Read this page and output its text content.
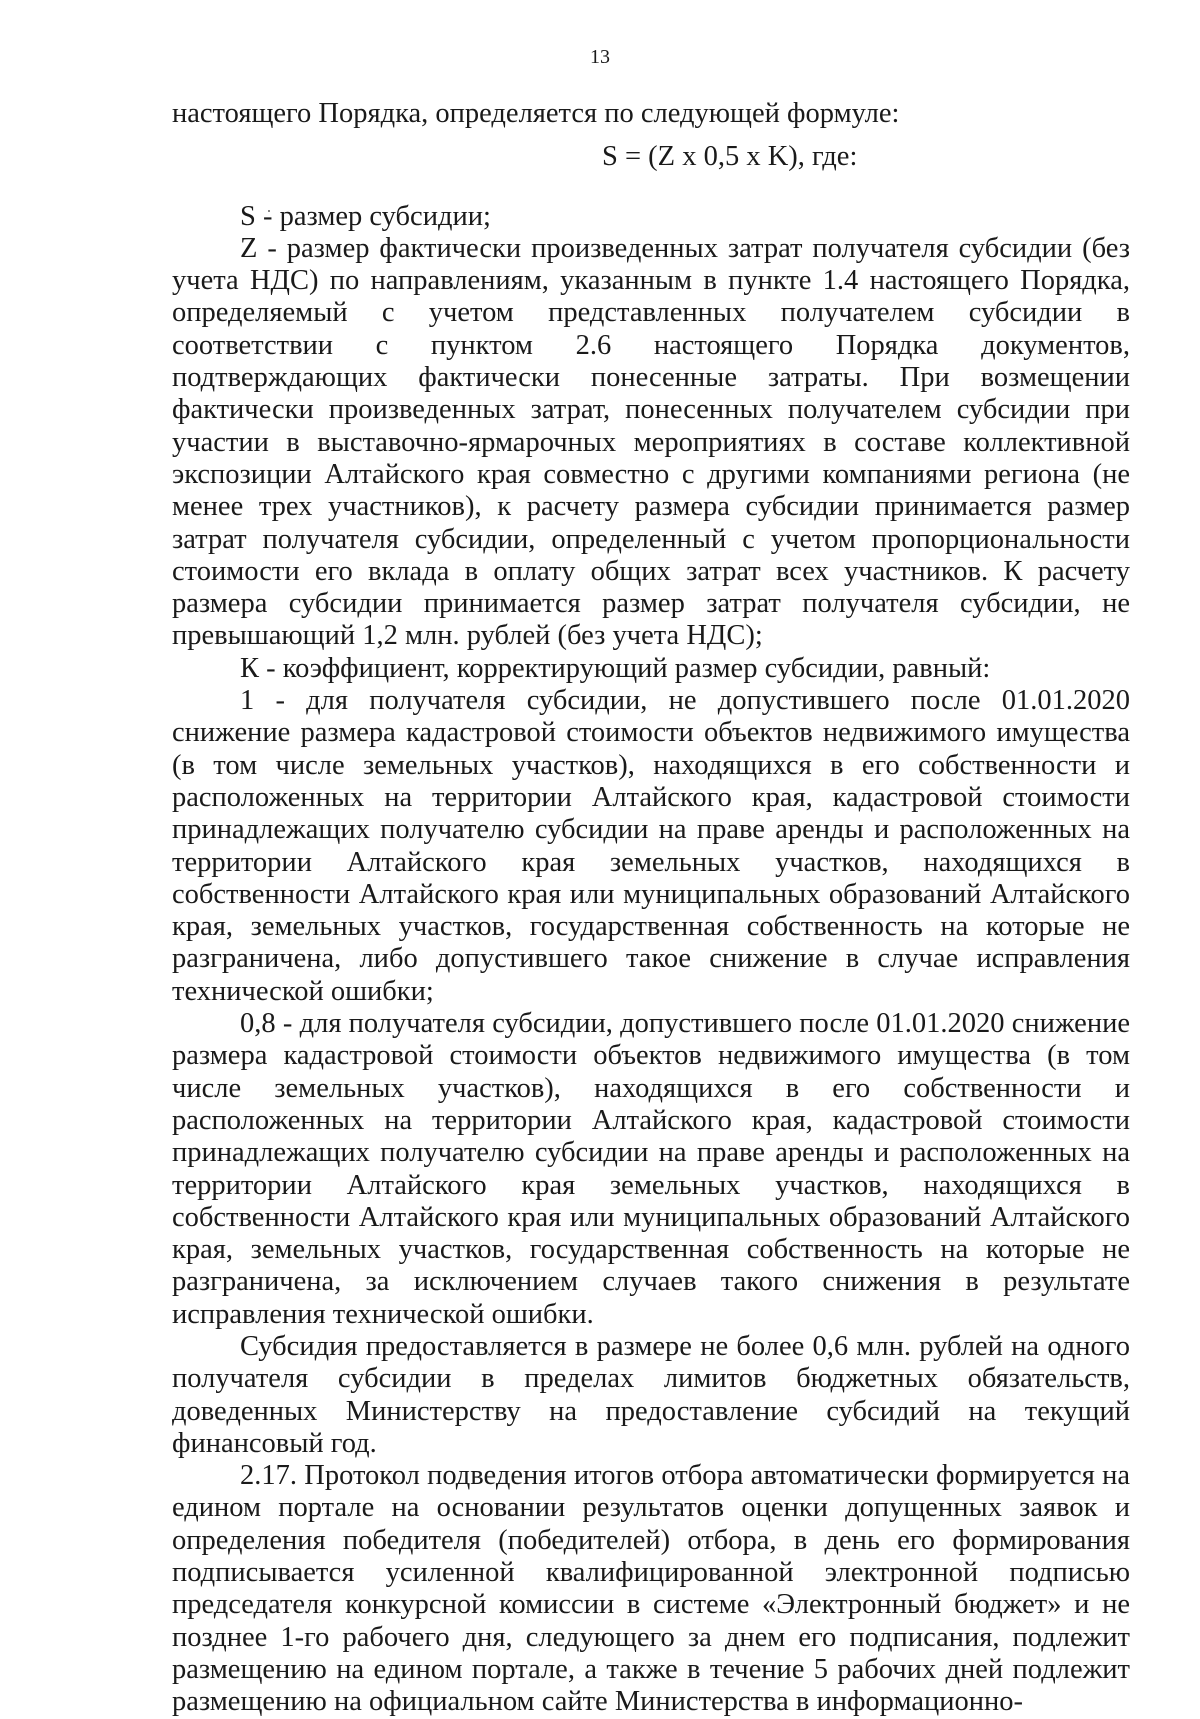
13

настоящего Порядка, определяется по следующей формуле:

S = (Z x 0,5 x K), где:

S - размер субсидии;

Z - размер фактически произведенных затрат получателя субсидии (без учета НДС) по направлениям, указанным в пункте 1.4 настоящего Порядка, определяемый с учетом представленных получателем субсидии в соответствии с пунктом 2.6 настоящего Порядка документов, подтверждающих фактически понесенные затраты. При возмещении фактически произведенных затрат, понесенных получателем субсидии при участии в выставочно-ярмарочных мероприятиях в составе коллективной экспозиции Алтайского края совместно с другими компаниями региона (не менее трех участников), к расчету размера субсидии принимается размер затрат получателя субсидии, определенный с учетом пропорциональности стоимости его вклада в оплату общих затрат всех участников. К расчету размера субсидии принимается размер затрат получателя субсидии, не превышающий 1,2 млн. рублей (без учета НДС);

К - коэффициент, корректирующий размер субсидии, равный:

1 - для получателя субсидии, не допустившего после 01.01.2020 снижение размера кадастровой стоимости объектов недвижимого имущества (в том числе земельных участков), находящихся в его собственности и расположенных на территории Алтайского края, кадастровой стоимости принадлежащих получателю субсидии на праве аренды и расположенных на территории Алтайского края земельных участков, находящихся в собственности Алтайского края или муниципальных образований Алтайского края, земельных участков, государственная собственность на которые не разграничена, либо допустившего такое снижение в случае исправления технической ошибки;

0,8 - для получателя субсидии, допустившего после 01.01.2020 снижение размера кадастровой стоимости объектов недвижимого имущества (в том числе земельных участков), находящихся в его собственности и расположенных на территории Алтайского края, кадастровой стоимости принадлежащих получателю субсидии на праве аренды и расположенных на территории Алтайского края земельных участков, находящихся в собственности Алтайского края или муниципальных образований Алтайского края, земельных участков, государственная собственность на которые не разграничена, за исключением случаев такого снижения в результате исправления технической ошибки.

Субсидия предоставляется в размере не более 0,6 млн. рублей на одного получателя субсидии в пределах лимитов бюджетных обязательств, доведенных Министерству на предоставление субсидий на текущий финансовый год.

2.17. Протокол подведения итогов отбора автоматически формируется на едином портале на основании результатов оценки допущенных заявок и определения победителя (победителей) отбора, в день его формирования подписывается усиленной квалифицированной электронной подписью председателя конкурсной комиссии в системе «Электронный бюджет» и не позднее 1-го рабочего дня, следующего за днем его подписания, подлежит размещению на едином портале, а также в течение 5 рабочих дней подлежит размещению на официальном сайте Министерства в информационно-
